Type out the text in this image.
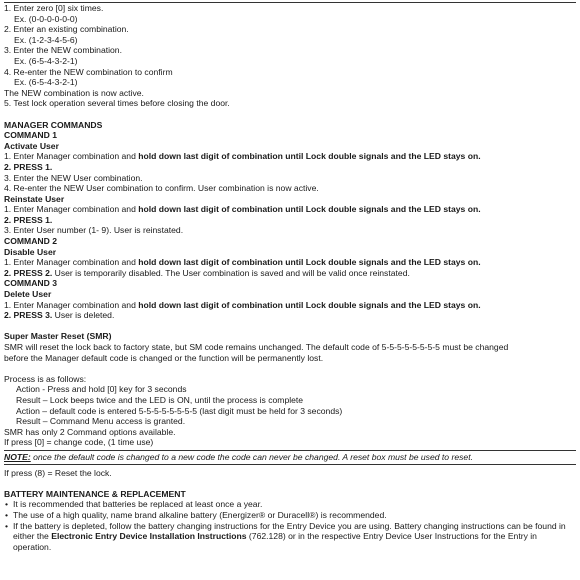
1. Enter zero [0] six times.
Ex. (0-0-0-0-0-0)
2. Enter an existing combination.
Ex. (1-2-3-4-5-6)
3. Enter the NEW combination.
Ex. (6-5-4-3-2-1)
4. Re-enter the NEW combination to confirm
Ex. (6-5-4-3-2-1)
The NEW combination is now active.
5. Test lock operation several times before closing the door.
MANAGER COMMANDS
COMMAND 1
Activate User
1. Enter Manager combination and hold down last digit of combination until Lock double signals and the LED stays on.
2. PRESS 1.
3. Enter the NEW User combination.
4. Re-enter the NEW User combination to confirm. User combination is now active.
Reinstate User
1. Enter Manager combination and hold down last digit of combination until Lock double signals and the LED stays on.
2. PRESS 1.
3. Enter User number (1- 9). User is reinstated.
COMMAND 2
Disable User
1. Enter Manager combination and hold down last digit of combination until Lock double signals and the LED stays on.
2. PRESS 2. User is temporarily disabled. The User combination is saved and will be valid once reinstated.
COMMAND 3
Delete User
1. Enter Manager combination and hold down last digit of combination until Lock double signals and the LED stays on.
2. PRESS 3. User is deleted.
Super Master Reset (SMR)
SMR will reset the lock back to factory state, but SM code remains unchanged. The default code of 5-5-5-5-5-5-5-5 must be changed
before the Manager default code is changed or the function will be permanently lost.
Process is as follows:
Action - Press and hold [0] key for 3 seconds
Result – Lock beeps twice and the LED is ON, until the process is complete
Action – default code is entered 5-5-5-5-5-5-5-5 (last digit must be held for 3 seconds)
Result – Command Menu access is granted.
SMR has only 2 Command options available.
If press [0] = change code, (1 time use)
NOTE: once the default code is changed to a new code the code can never be changed. A reset box must be used to reset.
If press (8) = Reset the lock.
BATTERY MAINTENANCE & REPLACEMENT
• It is recommended that batteries be replaced at least once a year.
• The use of a high quality, name brand alkaline battery (Energizer® or Duracell®) is recommended.
• If the battery is depleted, follow the battery changing instructions for the Entry Device you are using. Battery changing instructions can be found in either the Electronic Entry Device Installation Instructions (762.128) or in the respective Entry Device User Instructions for the Entry in operation.
